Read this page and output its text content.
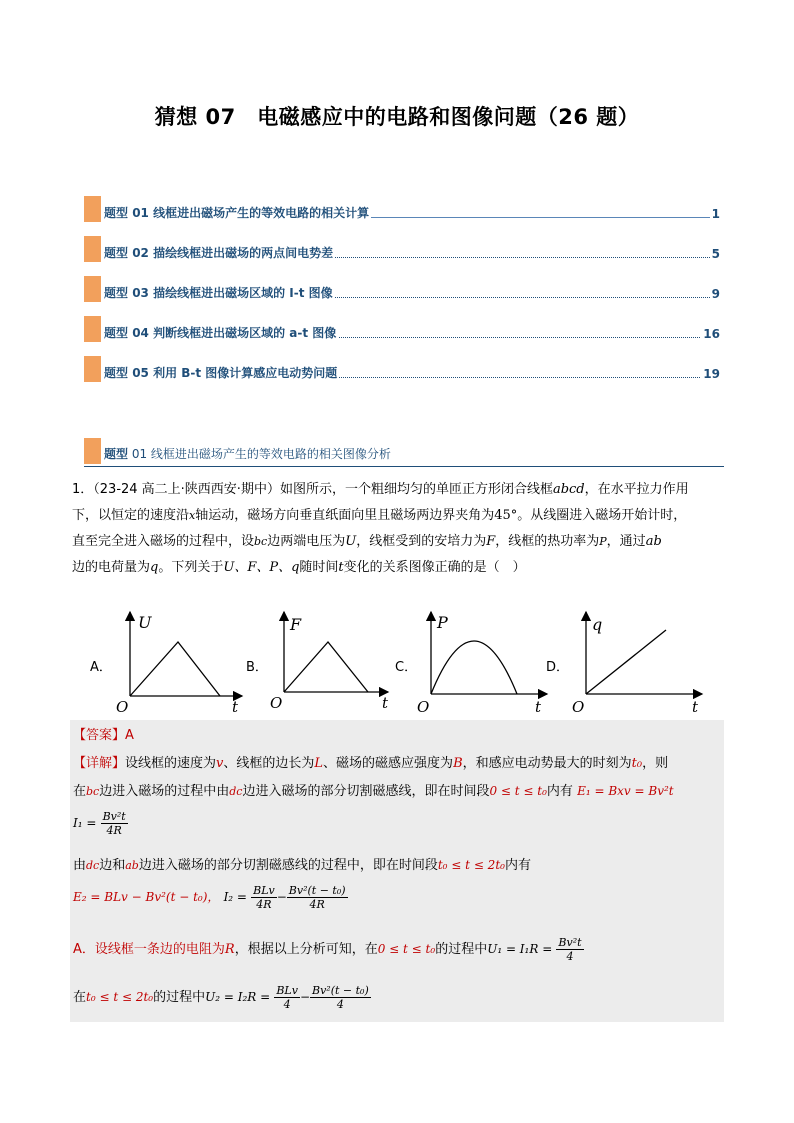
猜想 07　电磁感应中的电路和图像问题（26 题）
题型 01 线框进出磁场产生的等效电路的相关计算	1
题型 02 描绘线框进出磁场的两点间电势差	5
题型 03 描绘线框进出磁场区域的 I-t 图像	9
题型 04 判断线框进出磁场区域的 a-t 图像	16
题型 05 利用 B-t 图像计算感应电动势问题	19
题型 01 线框进出磁场产生的等效电路的相关图像分析
1．（23-24 高二上·陕西西安·期中）如图所示，一个粗细均匀的单匝正方形闭合线框abcd，在水平拉力作用
下，以恒定的速度沿x轴运动，磁场方向垂直纸面向里且磁场两边界夹角为45°。从线圈进入磁场开始计时，
直至完全进入磁场的过程中，设bc边两端电压为U，线框受到的安培力为F，线框的热功率为P，通过ab
边的电荷量为q。下列关于U、F、P、q随时间t变化的关系图像正确的是（　）
A．
U
t
O
B．
F
t
O
C．
P
t
O
D．
q
t
O
【答案】A
【详解】设线框的速度为v、线框的边长为L、磁场的磁感应强度为B，和感应电动势最大的时刻为t₀，则
在bc边进入磁场的过程中由dc边进入磁场的部分切割磁感线，即在时间段0 ≤ t ≤ t₀内有 E₁ = Bxv = Bv²t
$I_1 = \frac{\text{Bv²t}}{4R}$
由dc边和ab边进入磁场的部分切割磁感线的过程中，即在时间段t₀ ≤ t ≤ 2t₀内有
E₂ = BLv − Bv²(t − t₀)， $I_2 = \frac{\text{BLv}}{4R} - \frac{\text{Bv²(t − t₀)}}{4R}$
A．设线框一条边的电阻为R，根据以上分析可知，在0 ≤ t ≤ t₀的过程中$U_1 = I_1R = \frac{\text{Bv²t}}{4}$
在t₀ ≤ t ≤ 2t₀的过程中$U_2 = I_2R = \frac{\text{BLv}}{4} - \frac{\text{Bv²(t − t₀)}}{4}$
